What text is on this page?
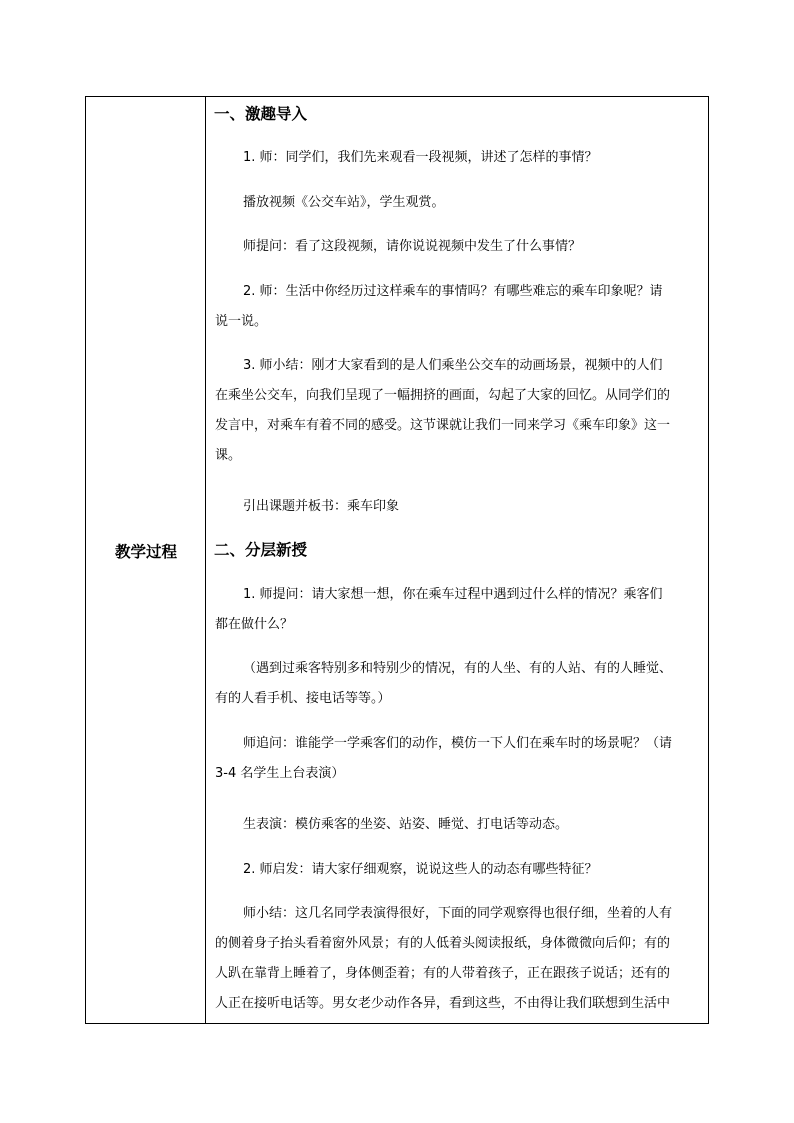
教学过程
一、激趣导入
1. 师：同学们，我们先来观看一段视频，讲述了怎样的事情？
播放视频《公交车站》，学生观赏。
师提问：看了这段视频，请你说说视频中发生了什么事情？
2. 师：生活中你经历过这样乘车的事情吗？有哪些难忘的乘车印象呢？请
说一说。
3. 师小结：刚才大家看到的是人们乘坐公交车的动画场景，视频中的人们
在乘坐公交车，向我们呈现了一幅拥挤的画面，勾起了大家的回忆。从同学们的
发言中，对乘车有着不同的感受。这节课就让我们一同来学习《乘车印象》这一
课。
引出课题并板书：乘车印象
二、分层新授
1. 师提问：请大家想一想，你在乘车过程中遇到过什么样的情况？乘客们
都在做什么？
（遇到过乘客特别多和特别少的情况，有的人坐、有的人站、有的人睡觉、
有的人看手机、接电话等等。）
师追问：谁能学一学乘客们的动作，模仿一下人们在乘车时的场景呢？（请
3-4 名学生上台表演）
生表演：模仿乘客的坐姿、站姿、睡觉、打电话等动态。
2. 师启发：请大家仔细观察，说说这些人的动态有哪些特征？
师小结：这几名同学表演得很好，下面的同学观察得也很仔细，坐着的人有
的侧着身子抬头看着窗外风景；有的人低着头阅读报纸，身体微微向后仰；有的
人趴在靠背上睡着了，身体侧歪着；有的人带着孩子，正在跟孩子说话；还有的
人正在接听电话等。男女老少动作各异，看到这些，不由得让我们联想到生活中
